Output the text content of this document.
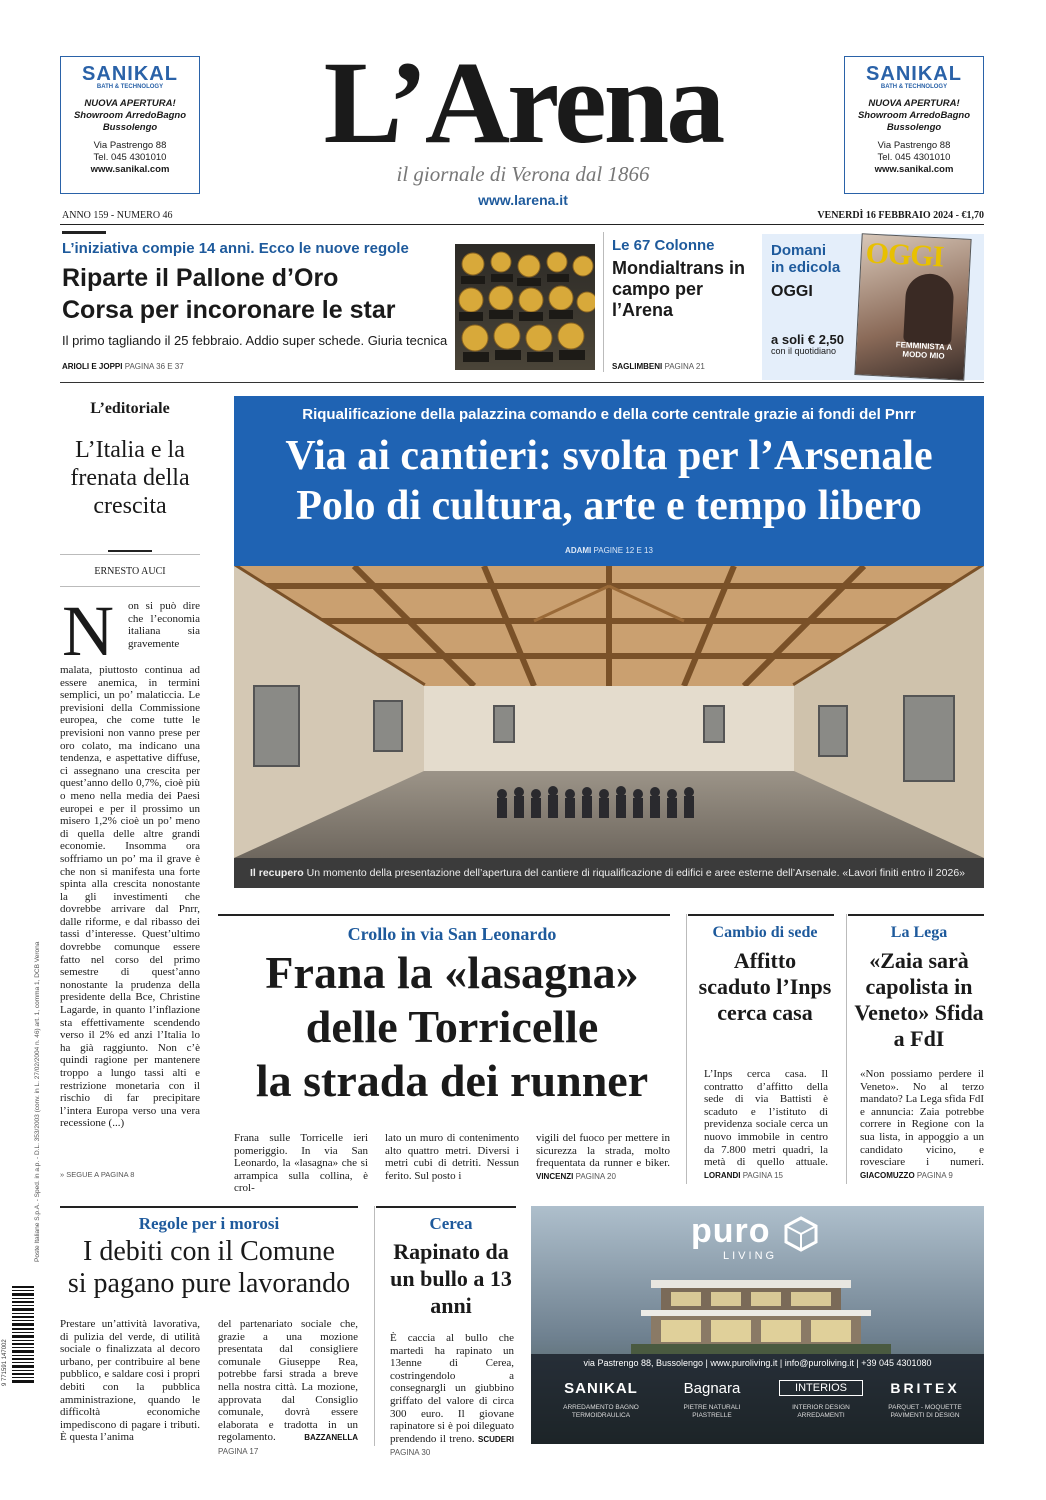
SANIKAL
BATH & TECHNOLOGY
NUOVA APERTURA!
Showroom ArredoBagno
Bussolengo
Via Pastrengo 88
Tel. 045 4301010
www.sanikal.com
SANIKAL
BATH & TECHNOLOGY
NUOVA APERTURA!
Showroom ArredoBagno
Bussolengo
Via Pastrengo 88
Tel. 045 4301010
www.sanikal.com
L’Arena
il giornale di Verona dal 1866
www.larena.it
ANNO 159 - NUMERO 46	VENERDÌ 16 FEBBRAIO 2024 - €1,70
L’iniziativa compie 14 anni. Ecco le nuove regole
Riparte il Pallone d’Oro
Corsa per incoronare le star
Il primo tagliando il 25 febbraio. Addio super schede. Giuria tecnica
ARIOLI E JOPPI PAGINA 36 E 37
Le 67 Colonne
Mondialtrans in campo per l’Arena
SAGLIMBENI PAGINA 21
Domani
in edicola
OGGI
a soli € 2,50
con il quotidiano
OGGI
FEMMINISTA A MODO MIO
L’editoriale
L’Italia e la frenata della crescita
ERNESTO AUCI
N on si può dire che l’economia italiana sia gravemente
malata, piuttosto continua ad essere anemica, in termini semplici, un po’ malaticcia. Le previsioni della Commissione europea, che come tutte le previsioni non vanno prese per oro colato, ma indicano una tendenza, e aspettative diffuse, ci assegnano una crescita per quest’anno dello 0,7%, cioè più o meno nella media dei Paesi europei e per il prossimo un misero 1,2% cioè un po’ meno di quella delle altre grandi economie. Insomma ora soffriamo un po’ ma il grave è che non si manifesta una forte spinta alla crescita nonostante la gli investimenti che dovrebbe arrivare dal Pnrr, dalle riforme, e dal ribasso dei tassi d’interesse. Quest’ultimo dovrebbe comunque essere fatto nel corso del primo semestre di quest’anno nonostante la prudenza della presidente della Bce, Christine Lagarde, in quanto l’inflazione sta effettivamente scendendo verso il 2% ed anzi l’Italia lo ha già raggiunto. Non c’è quindi ragione per mantenere troppo a lungo tassi alti e restrizione monetaria con il rischio di far precipitare l’intera Europa verso una vera recessione (...)
» SEGUE A PAGINA 8
Poste Italiane S.p.A. - Sped. in a.p. - D.L. 353/2003 (conv. in L. 27/02/2004 n. 46) art. 1, comma 1, DCB Verona
9 771591 147002
Riqualificazione della palazzina comando e della corte centrale grazie ai fondi del Pnrr
Via ai cantieri: svolta per l’Arsenale
Polo di cultura, arte e tempo libero
ADAMI PAGINE 12 E 13
Il recupero Un momento della presentazione dell’apertura del cantiere di riqualificazione di edifici e aree esterne dell’Arsenale. «Lavori finiti entro il 2026»
Crollo in via San Leonardo
Frana la «lasagna»
delle Torricelle
la strada dei runner
Frana sulle Torricelle ieri pomeriggio. In via San Leonardo, la «lasagna» che si arrampica sulla collina, è crol-
lato un muro di contenimento alto quattro metri. Diversi i metri cubi di detriti. Nessun ferito. Sul posto i
vigili del fuoco per mettere in sicurezza la strada, molto frequentata da runner e biker. VINCENZI PAGINA 20
Cambio di sede
Affitto scaduto l’Inps cerca casa
L’Inps cerca casa. Il contratto d’affitto della sede di via Battisti è scaduto e l’istituto di previdenza sociale cerca un nuovo immobile in centro da 7.800 metri quadri, la metà di quello attuale. LORANDI PAGINA 15
La Lega
«Zaia sarà capolista in Veneto» Sfida a FdI
«Non possiamo perdere il Veneto». No al terzo mandato? La Lega sfida FdI e annuncia: Zaia potrebbe correre in Regione con la sua lista, in appoggio a un candidato vicino, e rovesciare i numeri. GIACOMUZZO PAGINA 9
Regole per i morosi
I debiti con il Comune
si pagano pure lavorando
Prestare un’attività lavorativa, di pulizia del verde, di utilità sociale o finalizzata al decoro urbano, per contribuire al bene pubblico, e saldare così i propri debiti con la pubblica amministrazione, quando le difficoltà economiche impediscono di pagare i tributi. È questa l’anima
del partenariato sociale che, grazie a una mozione presentata dal consigliere comunale Giuseppe Rea, potrebbe farsi strada a breve nella nostra città. La mozione, approvata dal Consiglio comunale, dovrà essere elaborata e tradotta in un regolamento.	BAZZANELLA PAGINA 17
Cerea
Rapinato da un bullo a 13 anni
È caccia al bullo che martedì ha rapinato un 13enne di Cerea, costringendolo a consegnargli un giubbino griffato del valore di circa 300 euro. Il giovane rapinatore si è poi dileguato prendendo il treno. SCUDERI PAGINA 30
puro
LIVING
via Pastrengo 88, Bussolengo | www.puroliving.it | info@puroliving.it | +39 045 4301080
SANIKAL
ARREDAMENTO BAGNO TERMOIDRAULICA
Bagnara
PIETRE NATURALI PIASTRELLE
INTERIOS
INTERIOR DESIGN ARREDAMENTI
BRITEX
PARQUET - MOQUETTE PAVIMENTI DI DESIGN
